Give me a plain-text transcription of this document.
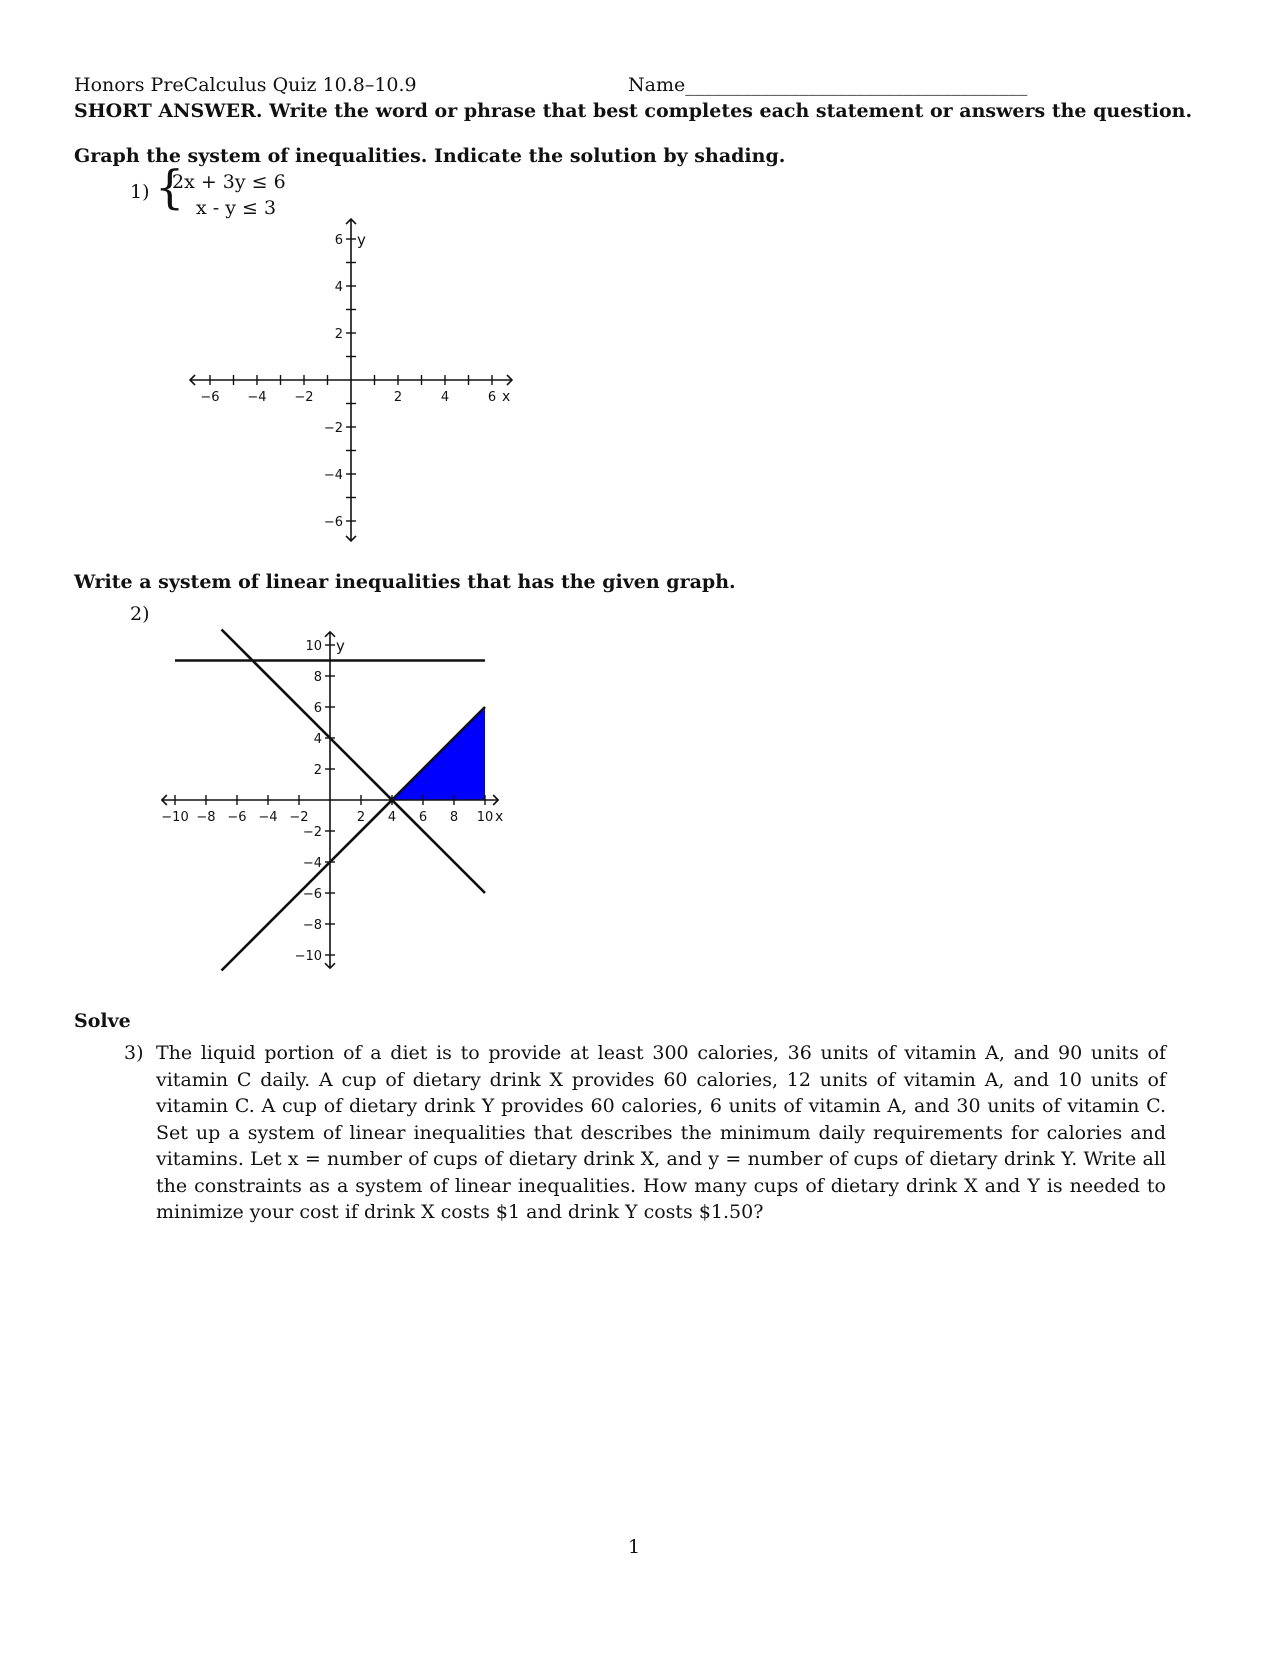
Honors PreCalculus Quiz 10.8–10.9	Name____________________________________
SHORT ANSWER. Write the word or phrase that best completes each statement or answers the question.
Graph the system of inequalities. Indicate the solution by shading.
1) {
2x + 3y ≤ 6
x - y ≤ 3
−6 −4 −2	2	4	6
6
4
2
−2
−4
−6
x
y
Write a system of linear inequalities that has the given graph.
2)
−10 −8 −6 −4 −2	2 4 6 8 10
10
8
6
4
2
−2
−4
−6
−8
−10
x
y
Solve
3) The liquid portion of a diet is to provide at least 300 calories, 36 units of vitamin A, and 90 units of vitamin C daily. A cup of dietary drink X provides 60 calories, 12 units of vitamin A, and 10 units of vitamin C. A cup of dietary drink Y provides 60 calories, 6 units of vitamin A, and 30 units of vitamin C. Set up a system of linear inequalities that describes the minimum daily requirements for calories and vitamins. Let x = number of cups of dietary drink X, and y = number of cups of dietary drink Y. Write all the constraints as a system of linear inequalities. How many cups of dietary drink X and Y is needed to minimize your cost if drink X costs $1 and drink Y costs $1.50?
1
